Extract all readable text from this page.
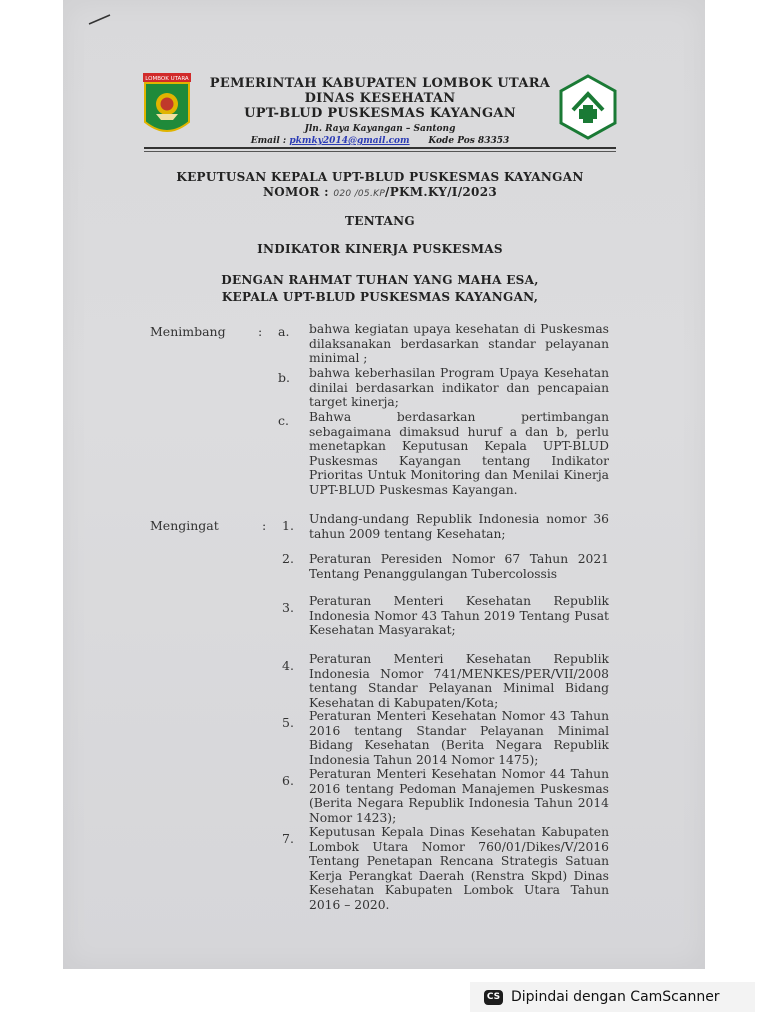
LOMBOK UTARA	PEMERINTAH KABUPATEN LOMBOK UTARA
DINAS KESEHATAN
UPT-BLUD PUSKESMAS KAYANGAN
Jln. Raya Kayangan – Santong
Email : pkmky2014@gmail.com Kode Pos 83353
KEPUTUSAN KEPALA UPT-BLUD PUSKESMAS KAYANGAN
NOMOR : 020 /05.KP/PKM.KY/I/2023
TENTANG
INDIKATOR KINERJA PUSKESMAS
DENGAN RAHMAT TUHAN YANG MAHA ESA,
KEPALA UPT-BLUD PUSKESMAS KAYANGAN,
Menimbang	: a. bahwa kegiatan upaya kesehatan di Puskesmas dilaksanakan berdasarkan standar pelayanan minimal ;
b. bahwa keberhasilan Program Upaya Kesehatan dinilai berdasarkan indikator dan pencapaian target kinerja;
c. Bahwa berdasarkan pertimbangan sebagaimana dimaksud huruf a dan b, perlu menetapkan Keputusan Kepala UPT-BLUD Puskesmas Kayangan tentang Indikator Prioritas Untuk Monitoring dan Menilai Kinerja UPT-BLUD Puskesmas Kayangan.
Mengingat	: 1. Undang-undang Republik Indonesia nomor 36 tahun 2009 tentang Kesehatan;
2. Peraturan Peresiden Nomor 67 Tahun 2021 Tentang Penanggulangan Tubercolossis
3. Peraturan Menteri Kesehatan Republik Indonesia Nomor 43 Tahun 2019 Tentang Pusat Kesehatan Masyarakat;
4. Peraturan Menteri Kesehatan Republik Indonesia Nomor 741/MENKES/PER/VII/2008 tentang Standar Pelayanan Minimal Bidang Kesehatan di Kabupaten/Kota;
5. Peraturan Menteri Kesehatan Nomor 43 Tahun 2016 tentang Standar Pelayanan Minimal Bidang Kesehatan (Berita Negara Republik Indonesia Tahun 2014 Nomor 1475);
6. Peraturan Menteri Kesehatan Nomor 44 Tahun 2016 tentang Pedoman Manajemen Puskesmas (Berita Negara Republik Indonesia Tahun 2014 Nomor 1423);
7. Keputusan Kepala Dinas Kesehatan Kabupaten Lombok Utara Nomor 760/01/Dikes/V/2016 Tentang Penetapan Rencana Strategis Satuan Kerja Perangkat Daerah (Renstra Skpd) Dinas Kesehatan Kabupaten Lombok Utara Tahun 2016 – 2020.
CS Dipindai dengan CamScanner
